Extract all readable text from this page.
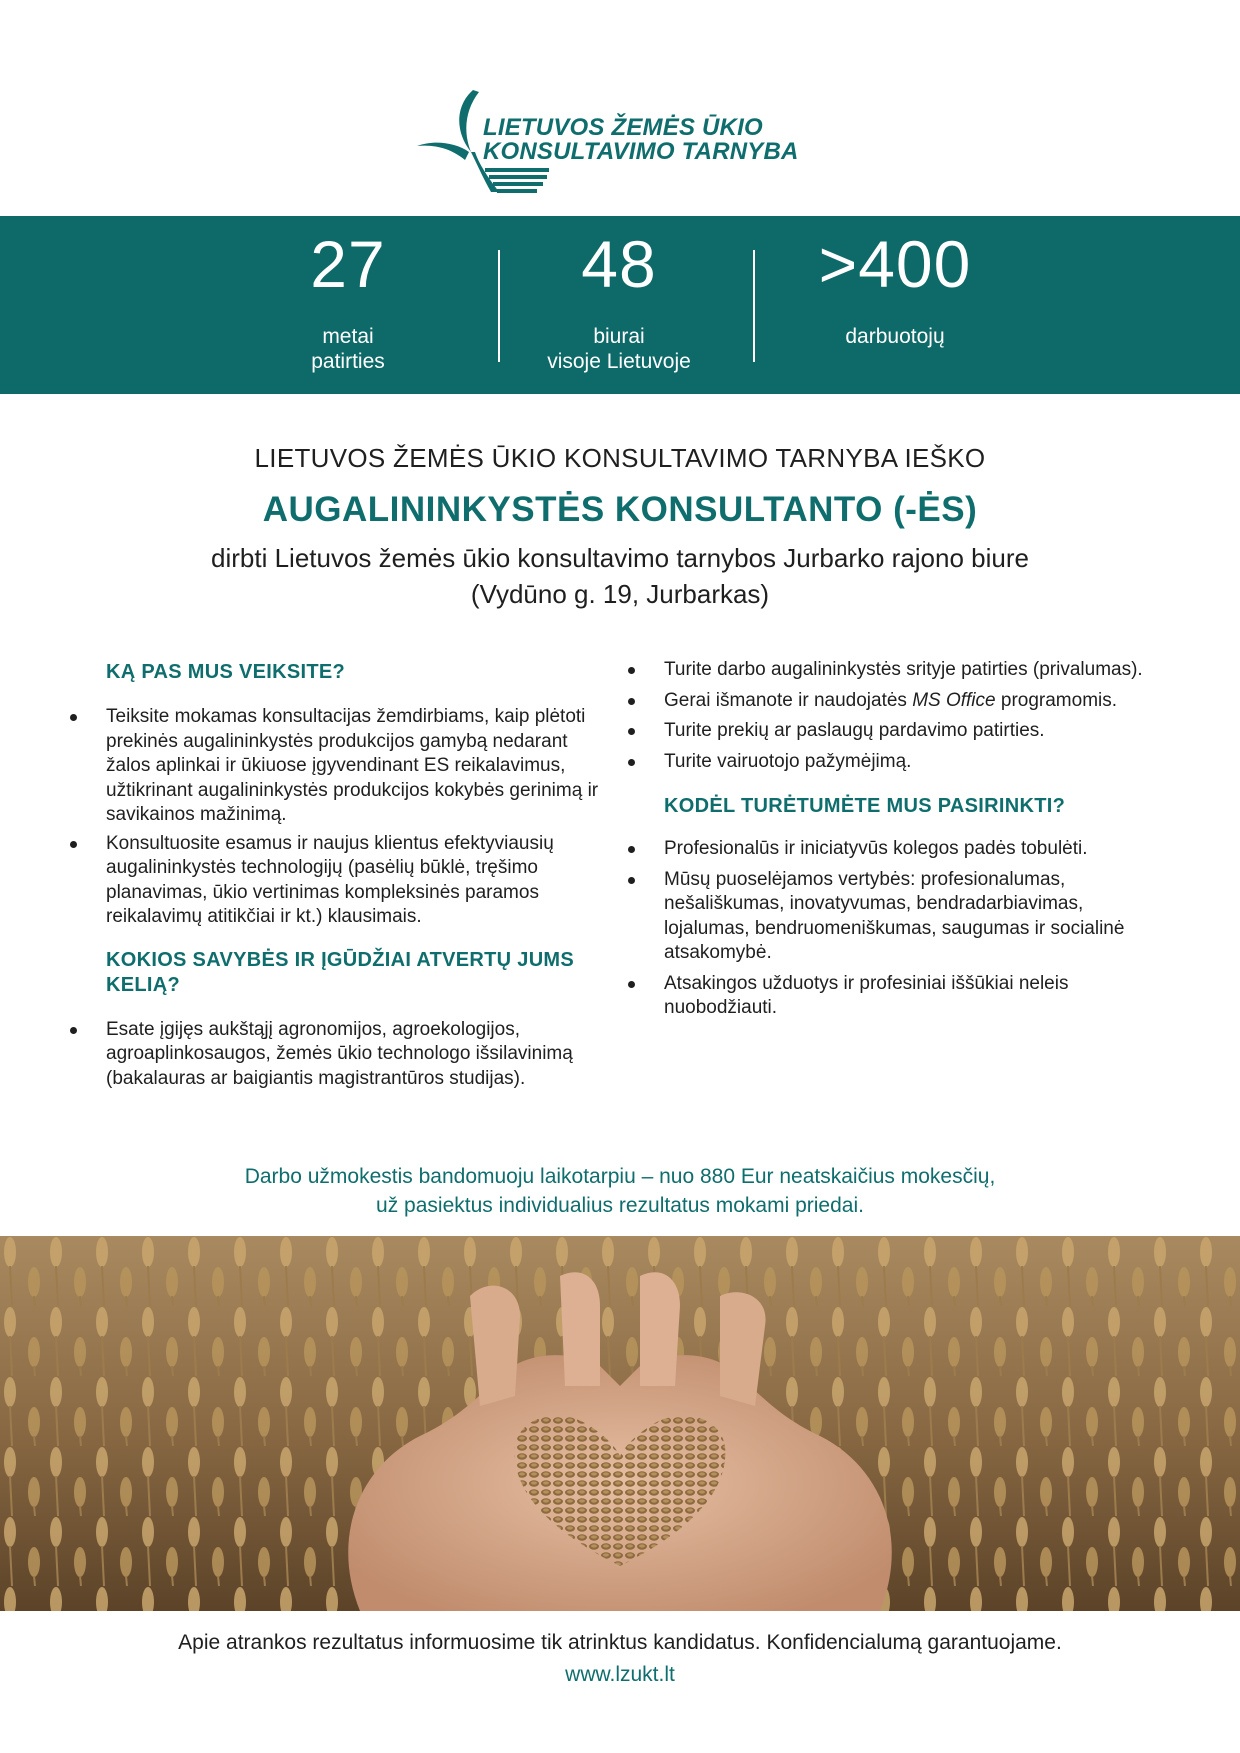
LIETUVOS ŽEMĖS ŪKIO
KONSULTAVIMO TARNYBA
27
metai
patirties
48
biurai
visoje Lietuvoje
>400
darbuotojų
LIETUVOS ŽEMĖS ŪKIO KONSULTAVIMO TARNYBA IEŠKO
AUGALININKYSTĖS KONSULTANTO (-ĖS)
dirbti Lietuvos žemės ūkio konsultavimo tarnybos Jurbarko rajono biure
(Vydūno g. 19, Jurbarkas)
KĄ PAS MUS VEIKSITE?
Teiksite mokamas konsultacijas žemdirbiams, kaip plėtoti prekinės augalininkystės produkcijos gamybą nedarant žalos aplinkai ir ūkiuose įgyvendinant ES reikalavimus, užtikrinant augalininkystės produkcijos kokybės gerinimą ir savikainos mažinimą.
Konsultuosite esamus ir naujus klientus efektyviausių augalininkystės technologijų (pasėlių būklė, tręšimo planavimas, ūkio vertinimas kompleksinės paramos reikalavimų atitikčiai ir kt.) klausimais.
KOKIOS SAVYBĖS IR ĮGŪDŽIAI ATVERTŲ JUMS KELIĄ?
Esate įgijęs aukštąjį agronomijos, agroekologijos, agroaplinkosaugos, žemės ūkio technologo išsilavinimą (bakalauras ar baigiantis magistrantūros studijas).
Turite darbo augalininkystės srityje patirties (privalumas).
Gerai išmanote ir naudojatės MS Office programomis.
Turite prekių ar paslaugų pardavimo patirties.
Turite vairuotojo pažymėjimą.
KODĖL TURĖTUMĖTE MUS PASIRINKTI?
Profesionalūs ir iniciatyvūs kolegos padės tobulėti.
Mūsų puoselėjamos vertybės: profesionalumas, nešališkumas, inovatyvumas, bendradarbiavimas, lojalumas, bendruomeniškumas, saugumas ir socialinė atsakomybė.
Atsakingos užduotys ir profesiniai iššūkiai neleis nuobodžiauti.
Darbo užmokestis bandomuoju laikotarpiu – nuo 880 Eur neatskaičius mokesčių,
už pasiektus individualius rezultatus mokami priedai.
Apie atrankos rezultatus informuosime tik atrinktus kandidatus. Konfidencialumą garantuojame.
www.lzukt.lt
